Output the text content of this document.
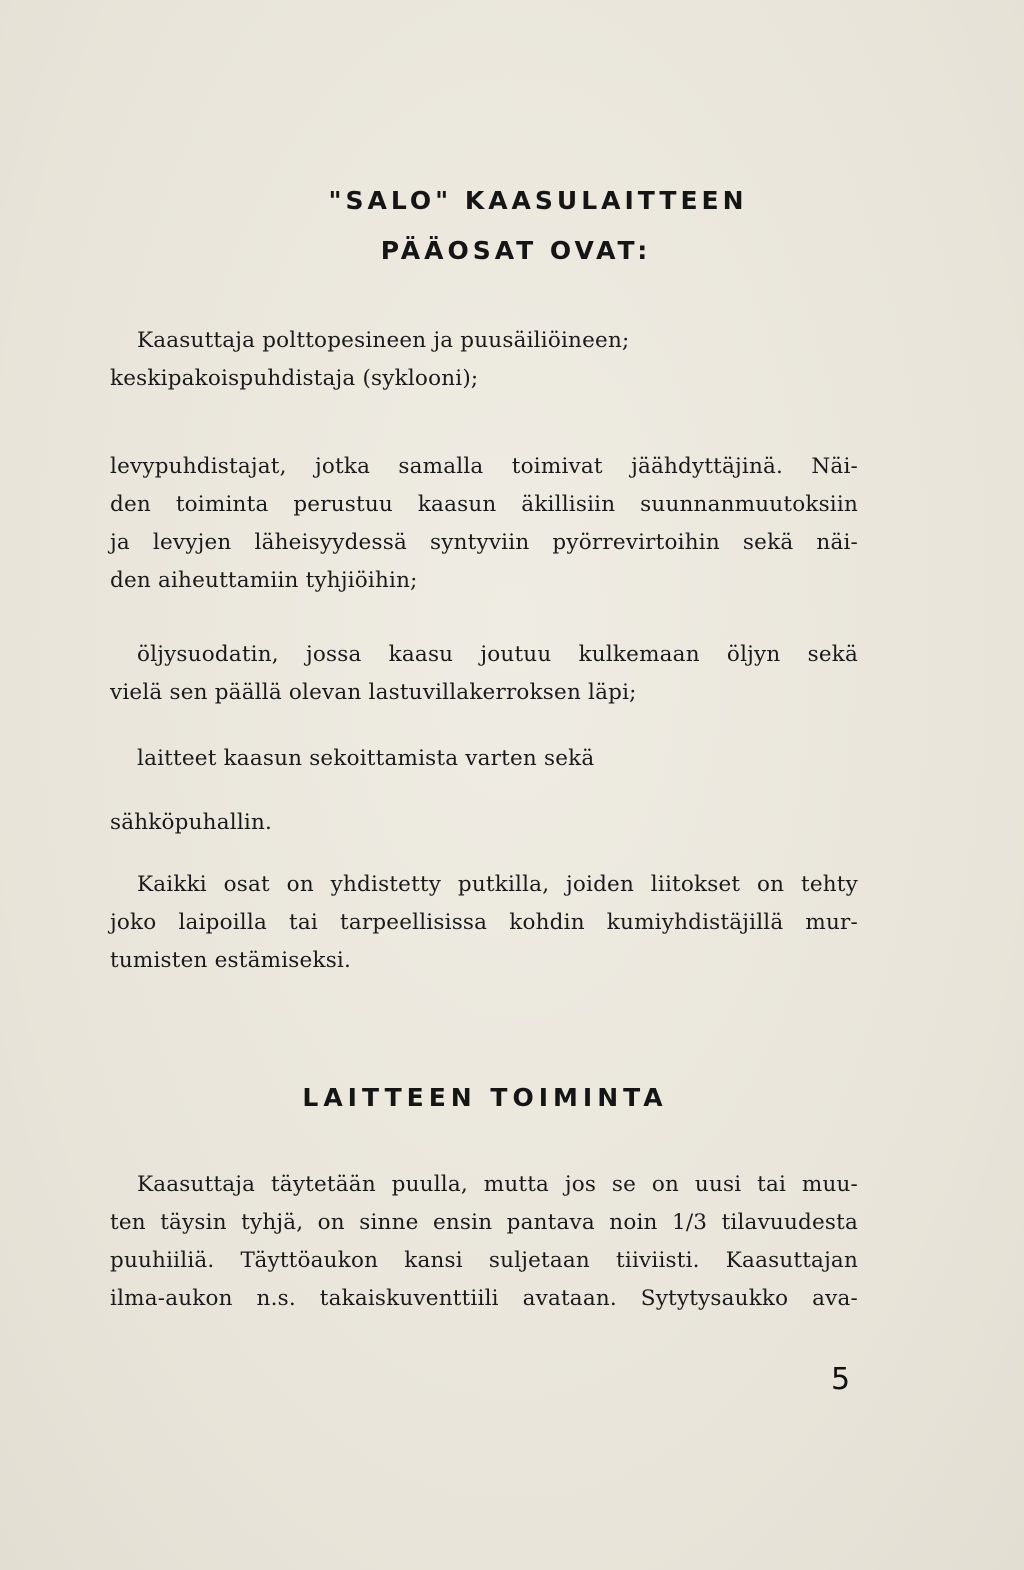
"SALO" KAASULAITTEEN
PÄÄOSAT OVAT:
Kaasuttaja polttopesineen ja puusäiliöineen;
keskipakoispuhdistaja (syklooni);
levypuhdistajat, jotka samalla toimivat jäähdyttäjinä. Näi-
den toiminta perustuu kaasun äkillisiin suunnanmuutoksiin
ja levyjen läheisyydessä syntyviin pyörrevirtoihin sekä näi-
den aiheuttamiin tyhjiöihin;
öljysuodatin, jossa kaasu joutuu kulkemaan öljyn sekä
vielä sen päällä olevan lastuvillakerroksen läpi;
laitteet kaasun sekoittamista varten sekä
sähköpuhallin.
Kaikki osat on yhdistetty putkilla, joiden liitokset on tehty
joko laipoilla tai tarpeellisissa kohdin kumiyhdistäjillä mur-
tumisten estämiseksi.
LAITTEEN TOIMINTA
Kaasuttaja täytetään puulla, mutta jos se on uusi tai muu-
ten täysin tyhjä, on sinne ensin pantava noin 1/3 tilavuudesta
puuhiiliä. Täyttöaukon kansi suljetaan tiiviisti. Kaasuttajan
ilma-aukon n.s. takaiskuventtiili avataan. Sytytysaukko ava-
5
